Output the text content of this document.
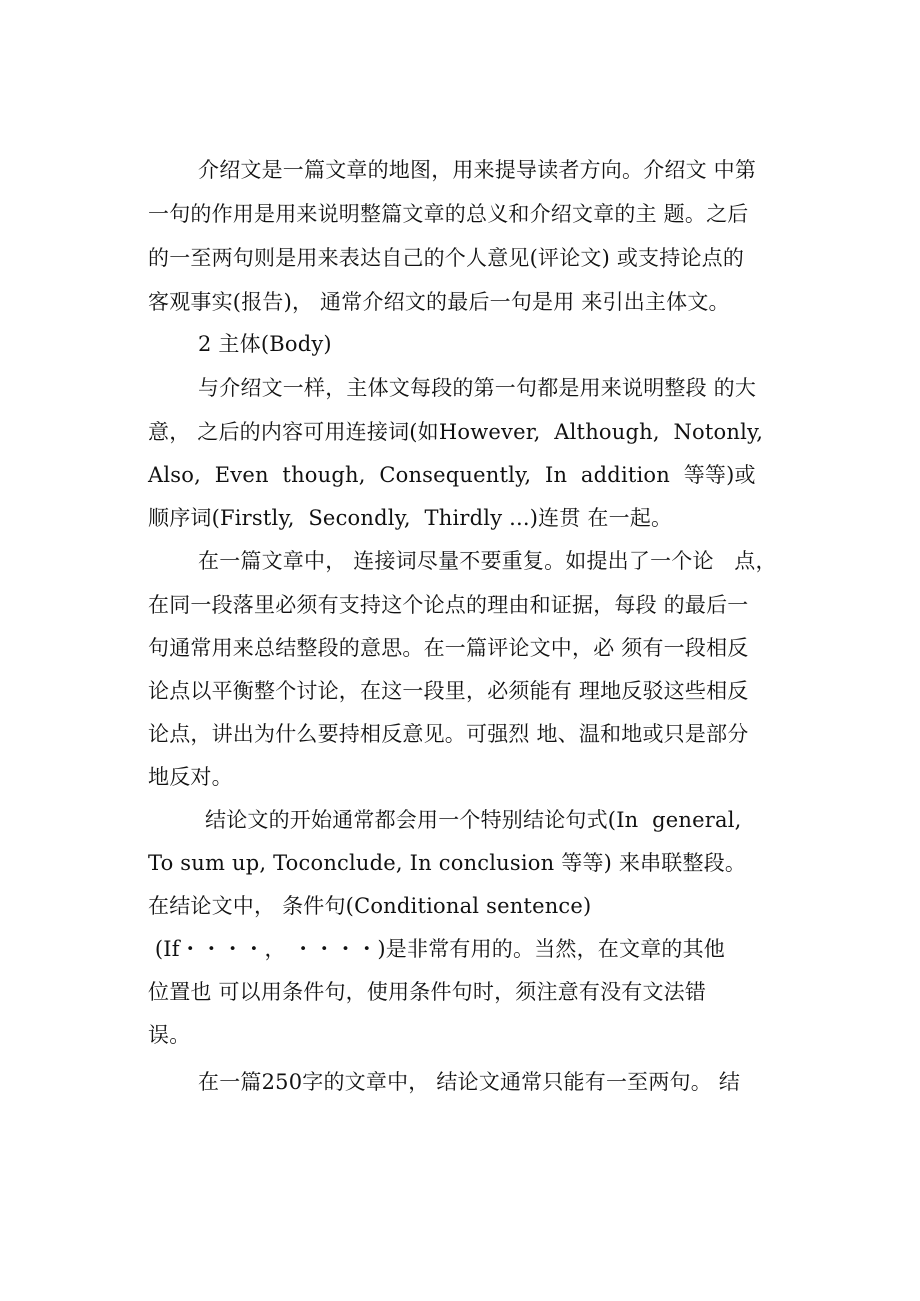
介绍文是一篇文章的地图，用来提导读者方向。介绍文 中第
一句的作用是用来说明整篇文章的总义和介绍文章的主 题。之后
的一至两句则是用来表达自己的个人意见(评论文) 或支持论点的
客观事实(报告)， 通常介绍文的最后一句是用 来引出主体文。
2 主体(Body)
与介绍文一样，主体文每段的第一句都是用来说明整段 的大
意， 之后的内容可用连接词(如However,  Although,  Notonly,
Also,  Even  though,  Consequently,  In  addition  等等)或
顺序词(Firstly,  Secondly,  Thirdly ...)连贯 在一起。
在一篇文章中， 连接词尽量不要重复。如提出了一个论   点，
在同一段落里必须有支持这个论点的理由和证据，每段 的最后一
句通常用来总结整段的意思。在一篇评论文中，必 须有一段相反
论点以平衡整个讨论，在这一段里，必须能有 理地反驳这些相反
论点，讲出为什么要持相反意见。可强烈 地、温和地或只是部分
地反对。
结论文的开始通常都会用一个特别结论句式(In  general,
To sum up, Toconclude, In conclusion 等等) 来串联整段。
在结论文中， 条件句(Conditional sentence)
(If・・・・， ・・・・)是非常有用的。当然，在文章的其他
位置也 可以用条件句，使用条件句时，须注意有没有文法错
误。
在一篇250字的文章中， 结论文通常只能有一至两句。 结
